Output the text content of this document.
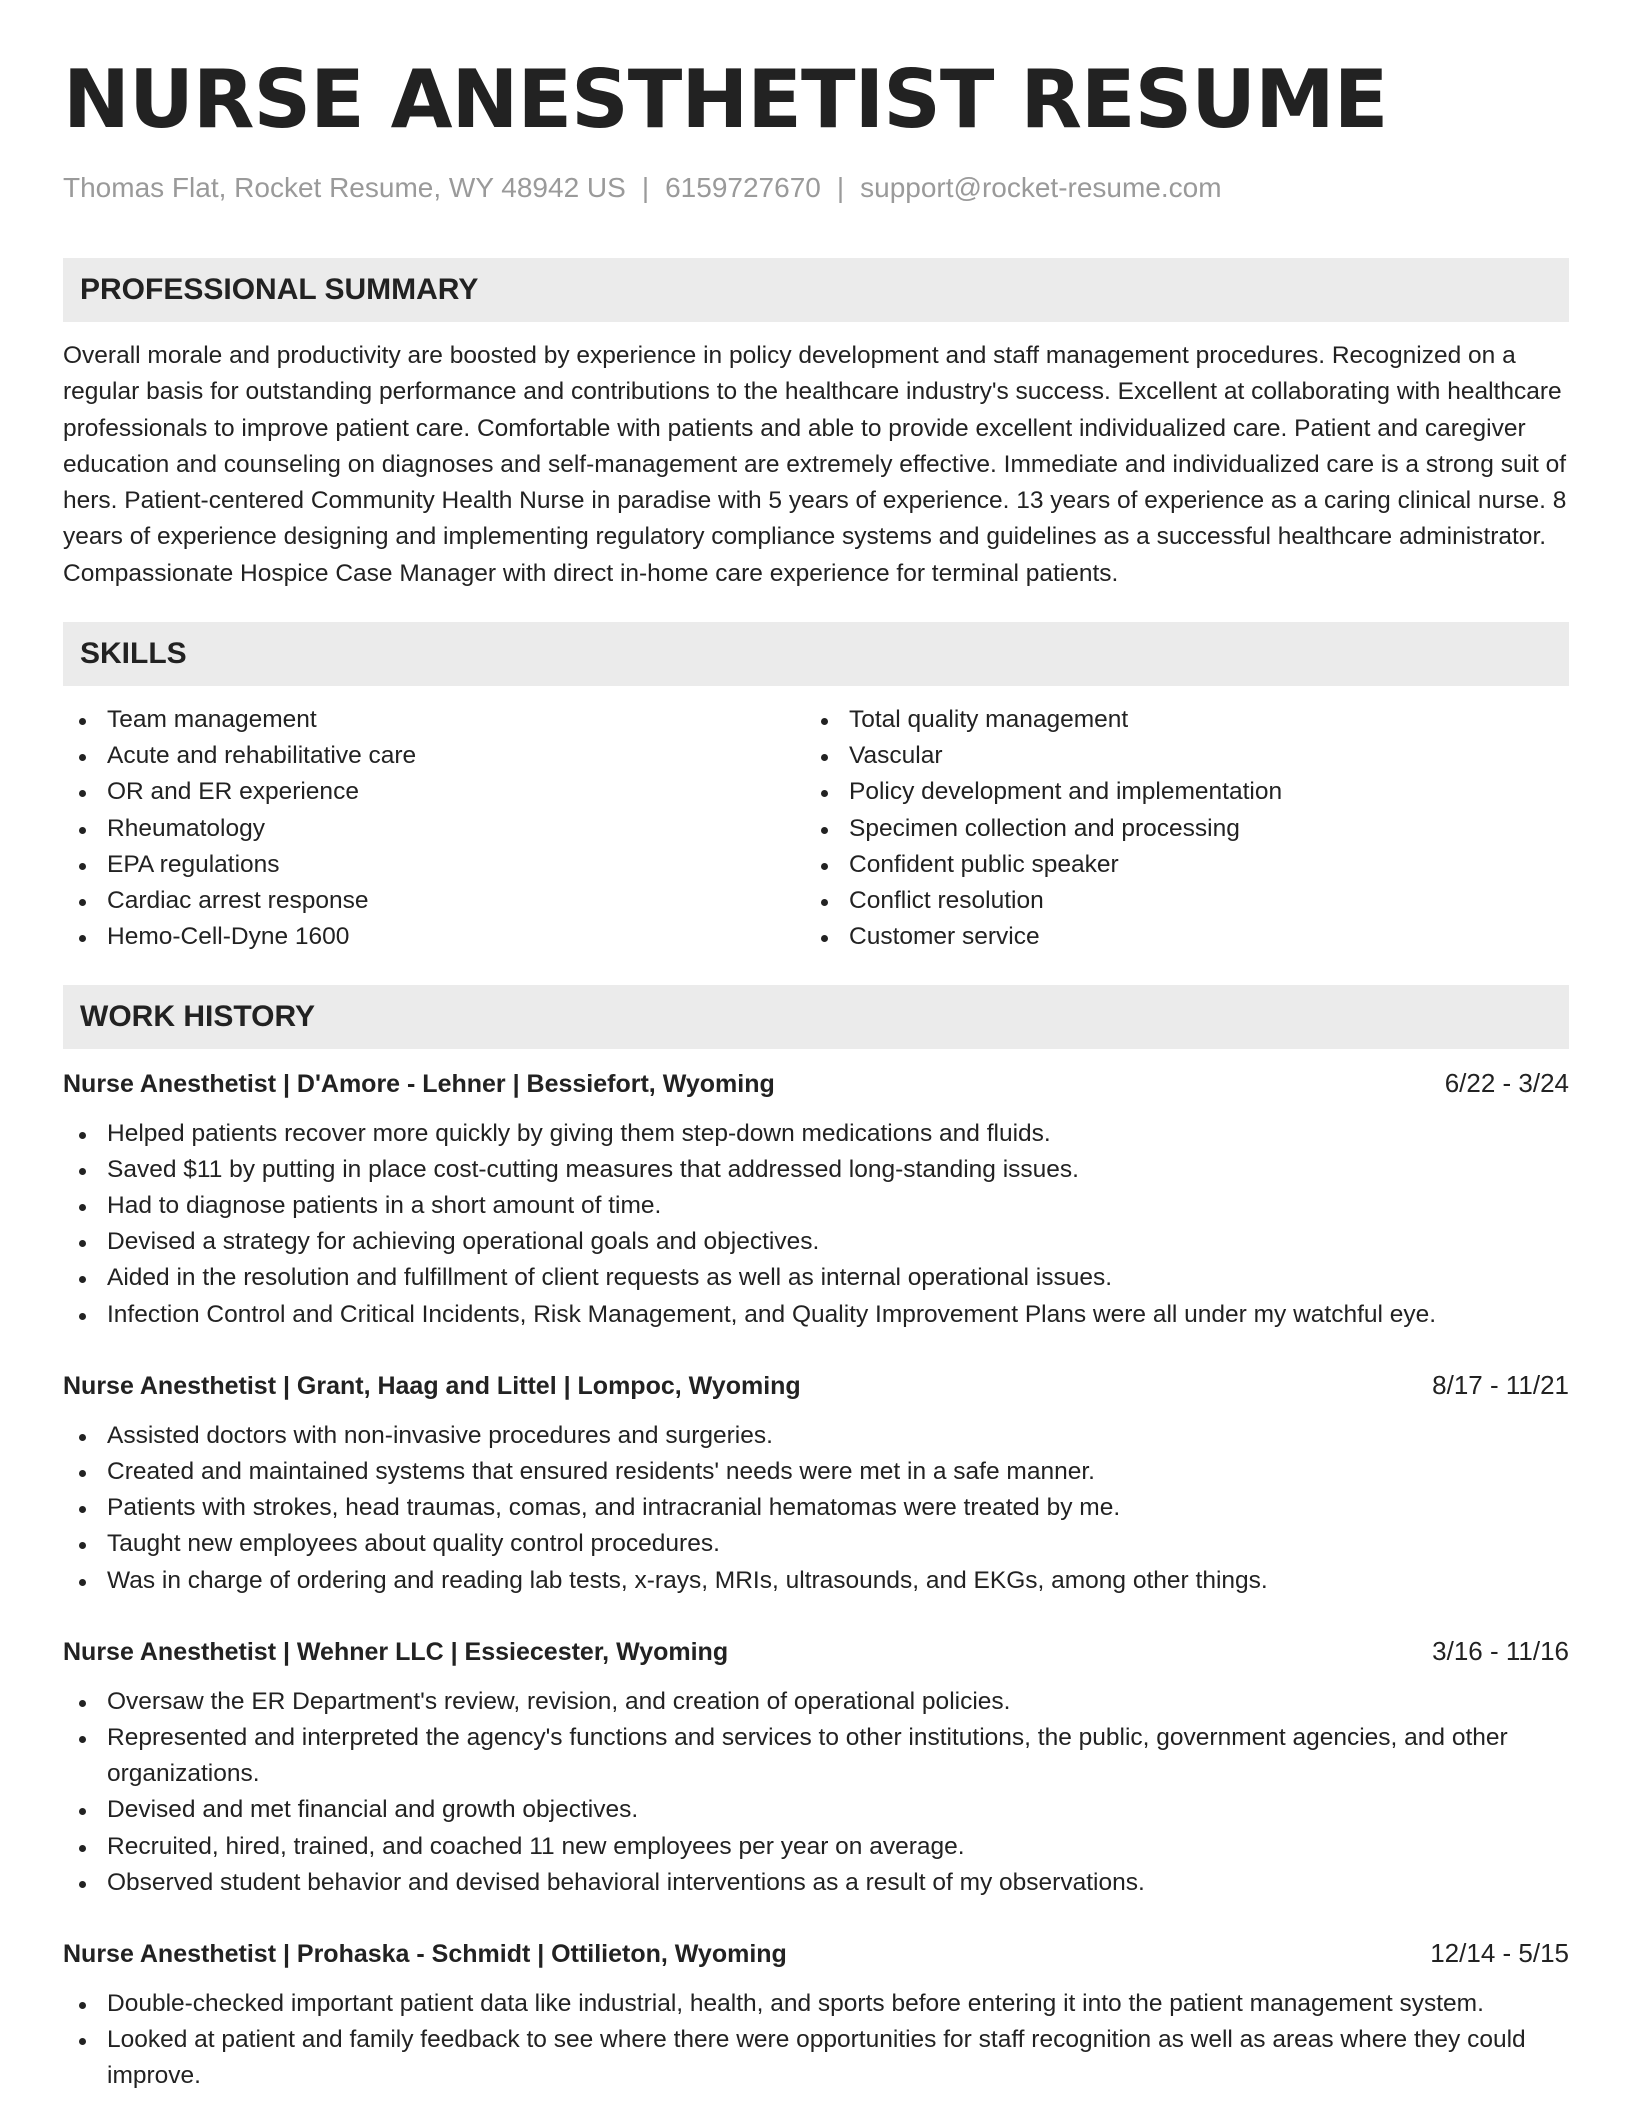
NURSE ANESTHETIST RESUME
Thomas Flat, Rocket Resume, WY 48942 US | 6159727670 | support@rocket-resume.com
PROFESSIONAL SUMMARY

Overall morale and productivity are boosted by experience in policy development and staff management procedures. Recognized on a regular basis for outstanding performance and contributions to the healthcare industry's success. Excellent at collaborating with healthcare professionals to improve patient care. Comfortable with patients and able to provide excellent individualized care. Patient and caregiver education and counseling on diagnoses and self-management are extremely effective. Immediate and individualized care is a strong suit of hers. Patient-centered Community Health Nurse in paradise with 5 years of experience. 13 years of experience as a caring clinical nurse. 8 years of experience designing and implementing regulatory compliance systems and guidelines as a successful healthcare administrator. Compassionate Hospice Case Manager with direct in-home care experience for terminal patients.

SKILLS
Team management
Acute and rehabilitative care
OR and ER experience
Rheumatology
EPA regulations
Cardiac arrest response
Hemo-Cell-Dyne 1600
Total quality management
Vascular
Policy development and implementation
Specimen collection and processing
Confident public speaker
Conflict resolution
Customer service
WORK HISTORY
Nurse Anesthetist | D'Amore - Lehner | Bessiefort, Wyoming	6/22 - 3/24
Helped patients recover more quickly by giving them step-down medications and fluids.
Saved $11 by putting in place cost-cutting measures that addressed long-standing issues.
Had to diagnose patients in a short amount of time.
Devised a strategy for achieving operational goals and objectives.
Aided in the resolution and fulfillment of client requests as well as internal operational issues.
Infection Control and Critical Incidents, Risk Management, and Quality Improvement Plans were all under my watchful eye.
Nurse Anesthetist | Grant, Haag and Littel | Lompoc, Wyoming	8/17 - 11/21
Assisted doctors with non-invasive procedures and surgeries.
Created and maintained systems that ensured residents' needs were met in a safe manner.
Patients with strokes, head traumas, comas, and intracranial hematomas were treated by me.
Taught new employees about quality control procedures.
Was in charge of ordering and reading lab tests, x-rays, MRIs, ultrasounds, and EKGs, among other things.
Nurse Anesthetist | Wehner LLC | Essiecester, Wyoming	3/16 - 11/16
Oversaw the ER Department's review, revision, and creation of operational policies.
Represented and interpreted the agency's functions and services to other institutions, the public, government agencies, and other organizations.
Devised and met financial and growth objectives.
Recruited, hired, trained, and coached 11 new employees per year on average.
Observed student behavior and devised behavioral interventions as a result of my observations.
Nurse Anesthetist | Prohaska - Schmidt | Ottilieton, Wyoming	12/14 - 5/15
Double-checked important patient data like industrial, health, and sports before entering it into the patient management system.
Looked at patient and family feedback to see where there were opportunities for staff recognition as well as areas where they could improve.
